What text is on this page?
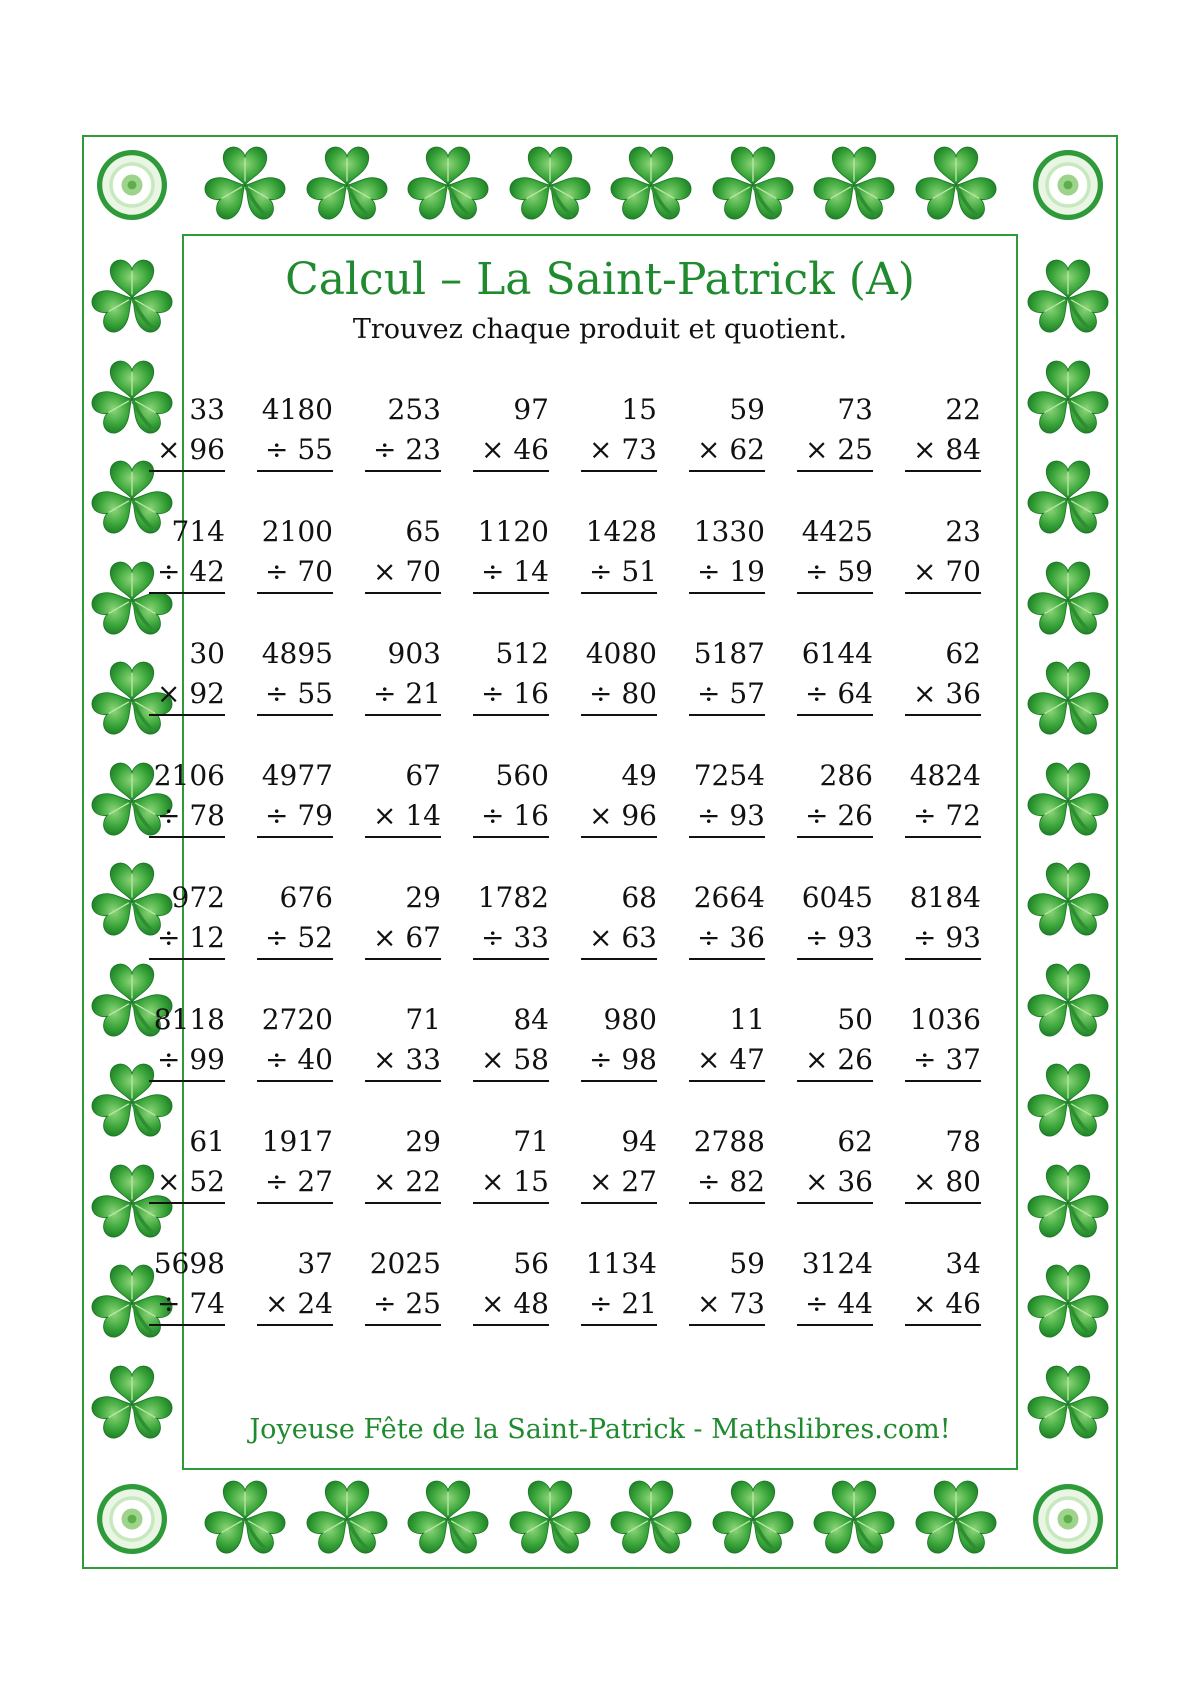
Calcul – La Saint-Patrick (A)
Trouvez chaque produit et quotient.
33
× 96
4180
÷ 55
253
÷ 23
97
× 46
15
× 73
59
× 62
73
× 25
22
× 84
714
÷ 42
2100
÷ 70
65
× 70
1120
÷ 14
1428
÷ 51
1330
÷ 19
4425
÷ 59
23
× 70
30
× 92
4895
÷ 55
903
÷ 21
512
÷ 16
4080
÷ 80
5187
÷ 57
6144
÷ 64
62
× 36
2106
÷ 78
4977
÷ 79
67
× 14
560
÷ 16
49
× 96
7254
÷ 93
286
÷ 26
4824
÷ 72
972
÷ 12
676
÷ 52
29
× 67
1782
÷ 33
68
× 63
2664
÷ 36
6045
÷ 93
8184
÷ 93
8118
÷ 99
2720
÷ 40
71
× 33
84
× 58
980
÷ 98
11
× 47
50
× 26
1036
÷ 37
61
× 52
1917
÷ 27
29
× 22
71
× 15
94
× 27
2788
÷ 82
62
× 36
78
× 80
5698
÷ 74
37
× 24
2025
÷ 25
56
× 48
1134
÷ 21
59
× 73
3124
÷ 44
34
× 46
Joyeuse Fête de la Saint-Patrick - Mathslibres.com!
